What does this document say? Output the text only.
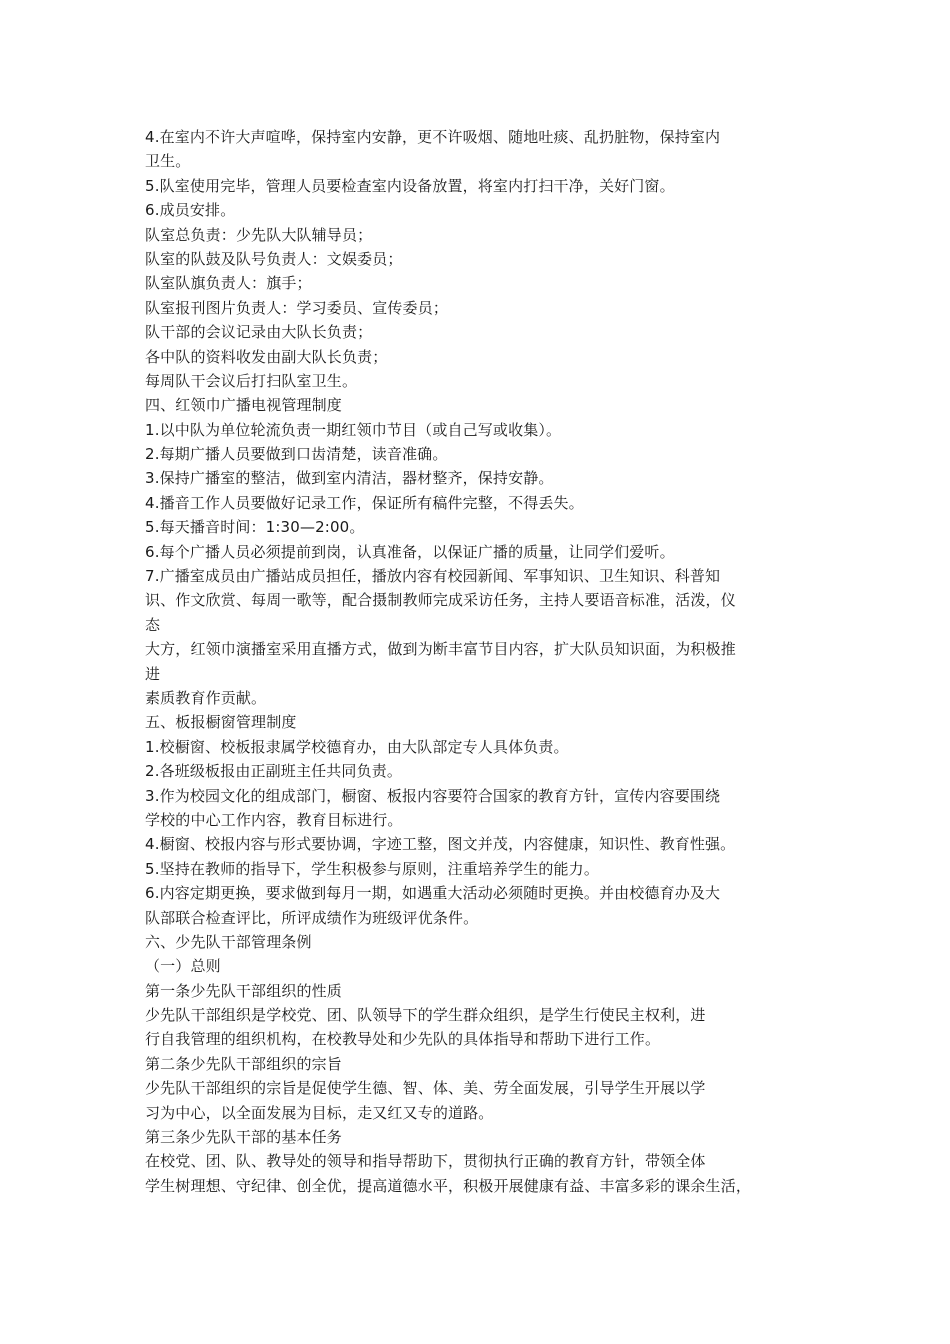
4.在室内不许大声喧哗，保持室内安静，更不许吸烟、随地吐痰、乱扔脏物，保持室内
卫生。
5.队室使用完毕，管理人员要检查室内设备放置，将室内打扫干净，关好门窗。
6.成员安排。
队室总负责：少先队大队辅导员；
队室的队鼓及队号负责人：文娱委员；
队室队旗负责人：旗手；
队室报刊图片负责人：学习委员、宣传委员；
队干部的会议记录由大队长负责；
各中队的资料收发由副大队长负责；
每周队干会议后打扫队室卫生。
四、红领巾广播电视管理制度
1.以中队为单位轮流负责一期红领巾节目（或自己写或收集）。
2.每期广播人员要做到口齿清楚，读音准确。
3.保持广播室的整洁，做到室内清洁，器材整齐，保持安静。
4.播音工作人员要做好记录工作，保证所有稿件完整，不得丢失。
5.每天播音时间：1:30—2:00。
6.每个广播人员必须提前到岗，认真准备，以保证广播的质量，让同学们爱听。
7.广播室成员由广播站成员担任，播放内容有校园新闻、军事知识、卫生知识、科普知
识、作文欣赏、每周一歌等，配合摄制教师完成采访任务，主持人要语音标准，活泼，仪
态
大方，红领巾演播室采用直播方式，做到为断丰富节目内容，扩大队员知识面，为积极推
进
素质教育作贡献。
五、板报橱窗管理制度
1.校橱窗、校板报隶属学校德育办，由大队部定专人具体负责。
2.各班级板报由正副班主任共同负责。
3.作为校园文化的组成部门，橱窗、板报内容要符合国家的教育方针，宣传内容要围绕
学校的中心工作内容，教育目标进行。
4.橱窗、校报内容与形式要协调，字迹工整，图文并茂，内容健康，知识性、教育性强。
5.坚持在教师的指导下，学生积极参与原则，注重培养学生的能力。
6.内容定期更换，要求做到每月一期，如遇重大活动必须随时更换。并由校德育办及大
队部联合检查评比，所评成绩作为班级评优条件。
六、少先队干部管理条例
（一）总则
第一条少先队干部组织的性质
少先队干部组织是学校党、团、队领导下的学生群众组织，是学生行使民主权利，进
行自我管理的组织机构，在校教导处和少先队的具体指导和帮助下进行工作。
第二条少先队干部组织的宗旨
少先队干部组织的宗旨是促使学生德、智、体、美、劳全面发展，引导学生开展以学
习为中心，以全面发展为目标，走又红又专的道路。
第三条少先队干部的基本任务
在校党、团、队、教导处的领导和指导帮助下，贯彻执行正确的教育方针，带领全体
学生树理想、守纪律、创全优，提高道德水平，积极开展健康有益、丰富多彩的课余生活，
